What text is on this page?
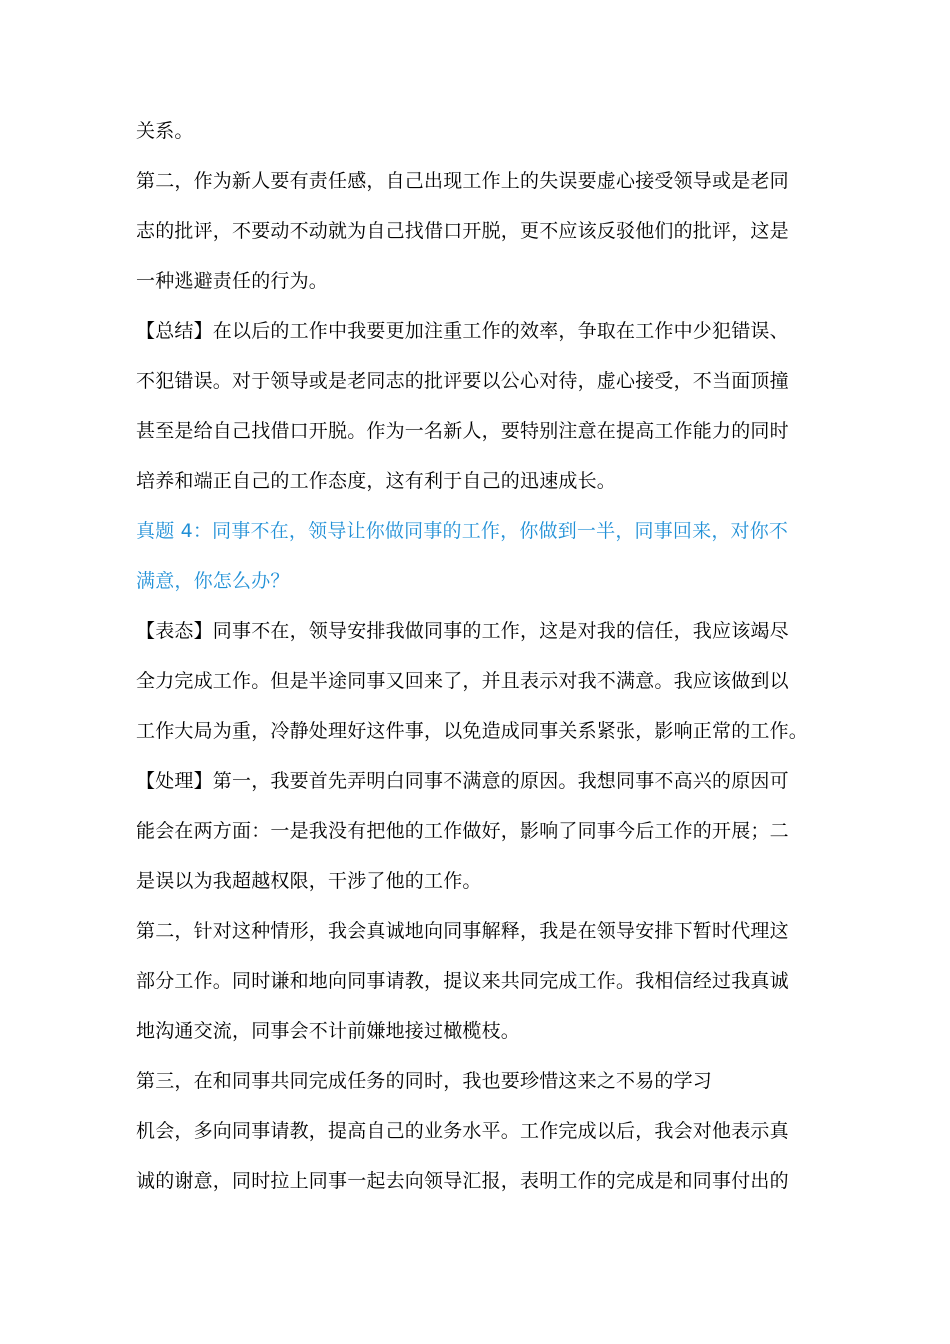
关系。
第二，作为新人要有责任感，自己出现工作上的失误要虚心接受领导或是老同
志的批评，不要动不动就为自己找借口开脱，更不应该反驳他们的批评，这是
一种逃避责任的行为。
【总结】在以后的工作中我要更加注重工作的效率，争取在工作中少犯错误、
不犯错误。对于领导或是老同志的批评要以公心对待，虚心接受，不当面顶撞
甚至是给自己找借口开脱。作为一名新人，要特别注意在提高工作能力的同时
培养和端正自己的工作态度，这有利于自己的迅速成长。
真题 4：同事不在，领导让你做同事的工作，你做到一半，同事回来，对你不
满意，你怎么办？
【表态】同事不在，领导安排我做同事的工作，这是对我的信任，我应该竭尽
全力完成工作。但是半途同事又回来了，并且表示对我不满意。我应该做到以
工作大局为重，冷静处理好这件事，以免造成同事关系紧张，影响正常的工作。
【处理】第一，我要首先弄明白同事不满意的原因。我想同事不高兴的原因可
能会在两方面：一是我没有把他的工作做好，影响了同事今后工作的开展；二
是误以为我超越权限，干涉了他的工作。
第二，针对这种情形，我会真诚地向同事解释，我是在领导安排下暂时代理这
部分工作。同时谦和地向同事请教，提议来共同完成工作。我相信经过我真诚
地沟通交流，同事会不计前嫌地接过橄榄枝。
第三，在和同事共同完成任务的同时，我也要珍惜这来之不易的学习
机会，多向同事请教，提高自己的业务水平。工作完成以后，我会对他表示真
诚的谢意，同时拉上同事一起去向领导汇报，表明工作的完成是和同事付出的
